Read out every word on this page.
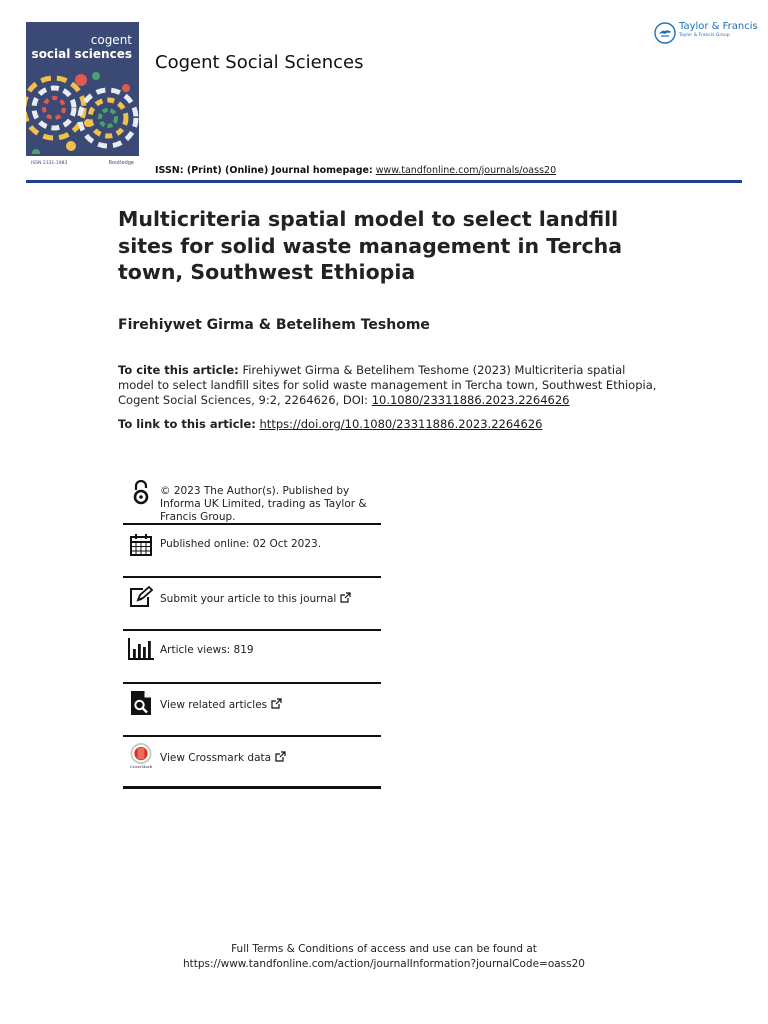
cogent
social sciences
ISSN 2331-1983	Routledge
Cogent Social Sciences
Taylor & Francis
Taylor & Francis Group
ISSN: (Print) (Online) Journal homepage: www.tandfonline.com/journals/oass20
Multicriteria spatial model to select landfill sites for solid waste management in Tercha town, Southwest Ethiopia
Firehiywet Girma & Betelihem Teshome
To cite this article: Firehiywet Girma & Betelihem Teshome (2023) Multicriteria spatial model to select landfill sites for solid waste management in Tercha town, Southwest Ethiopia, Cogent Social Sciences, 9:2, 2264626, DOI: 10.1080/23311886.2023.2264626
To link to this article: https://doi.org/10.1080/23311886.2023.2264626
© 2023 The Author(s). Published by Informa UK Limited, trading as Taylor & Francis Group.
Published online: 02 Oct 2023.
Submit your article to this journal
Article views: 819
View related articles
CrossMark
View Crossmark data
Full Terms & Conditions of access and use can be found at
https://www.tandfonline.com/action/journalInformation?journalCode=oass20
